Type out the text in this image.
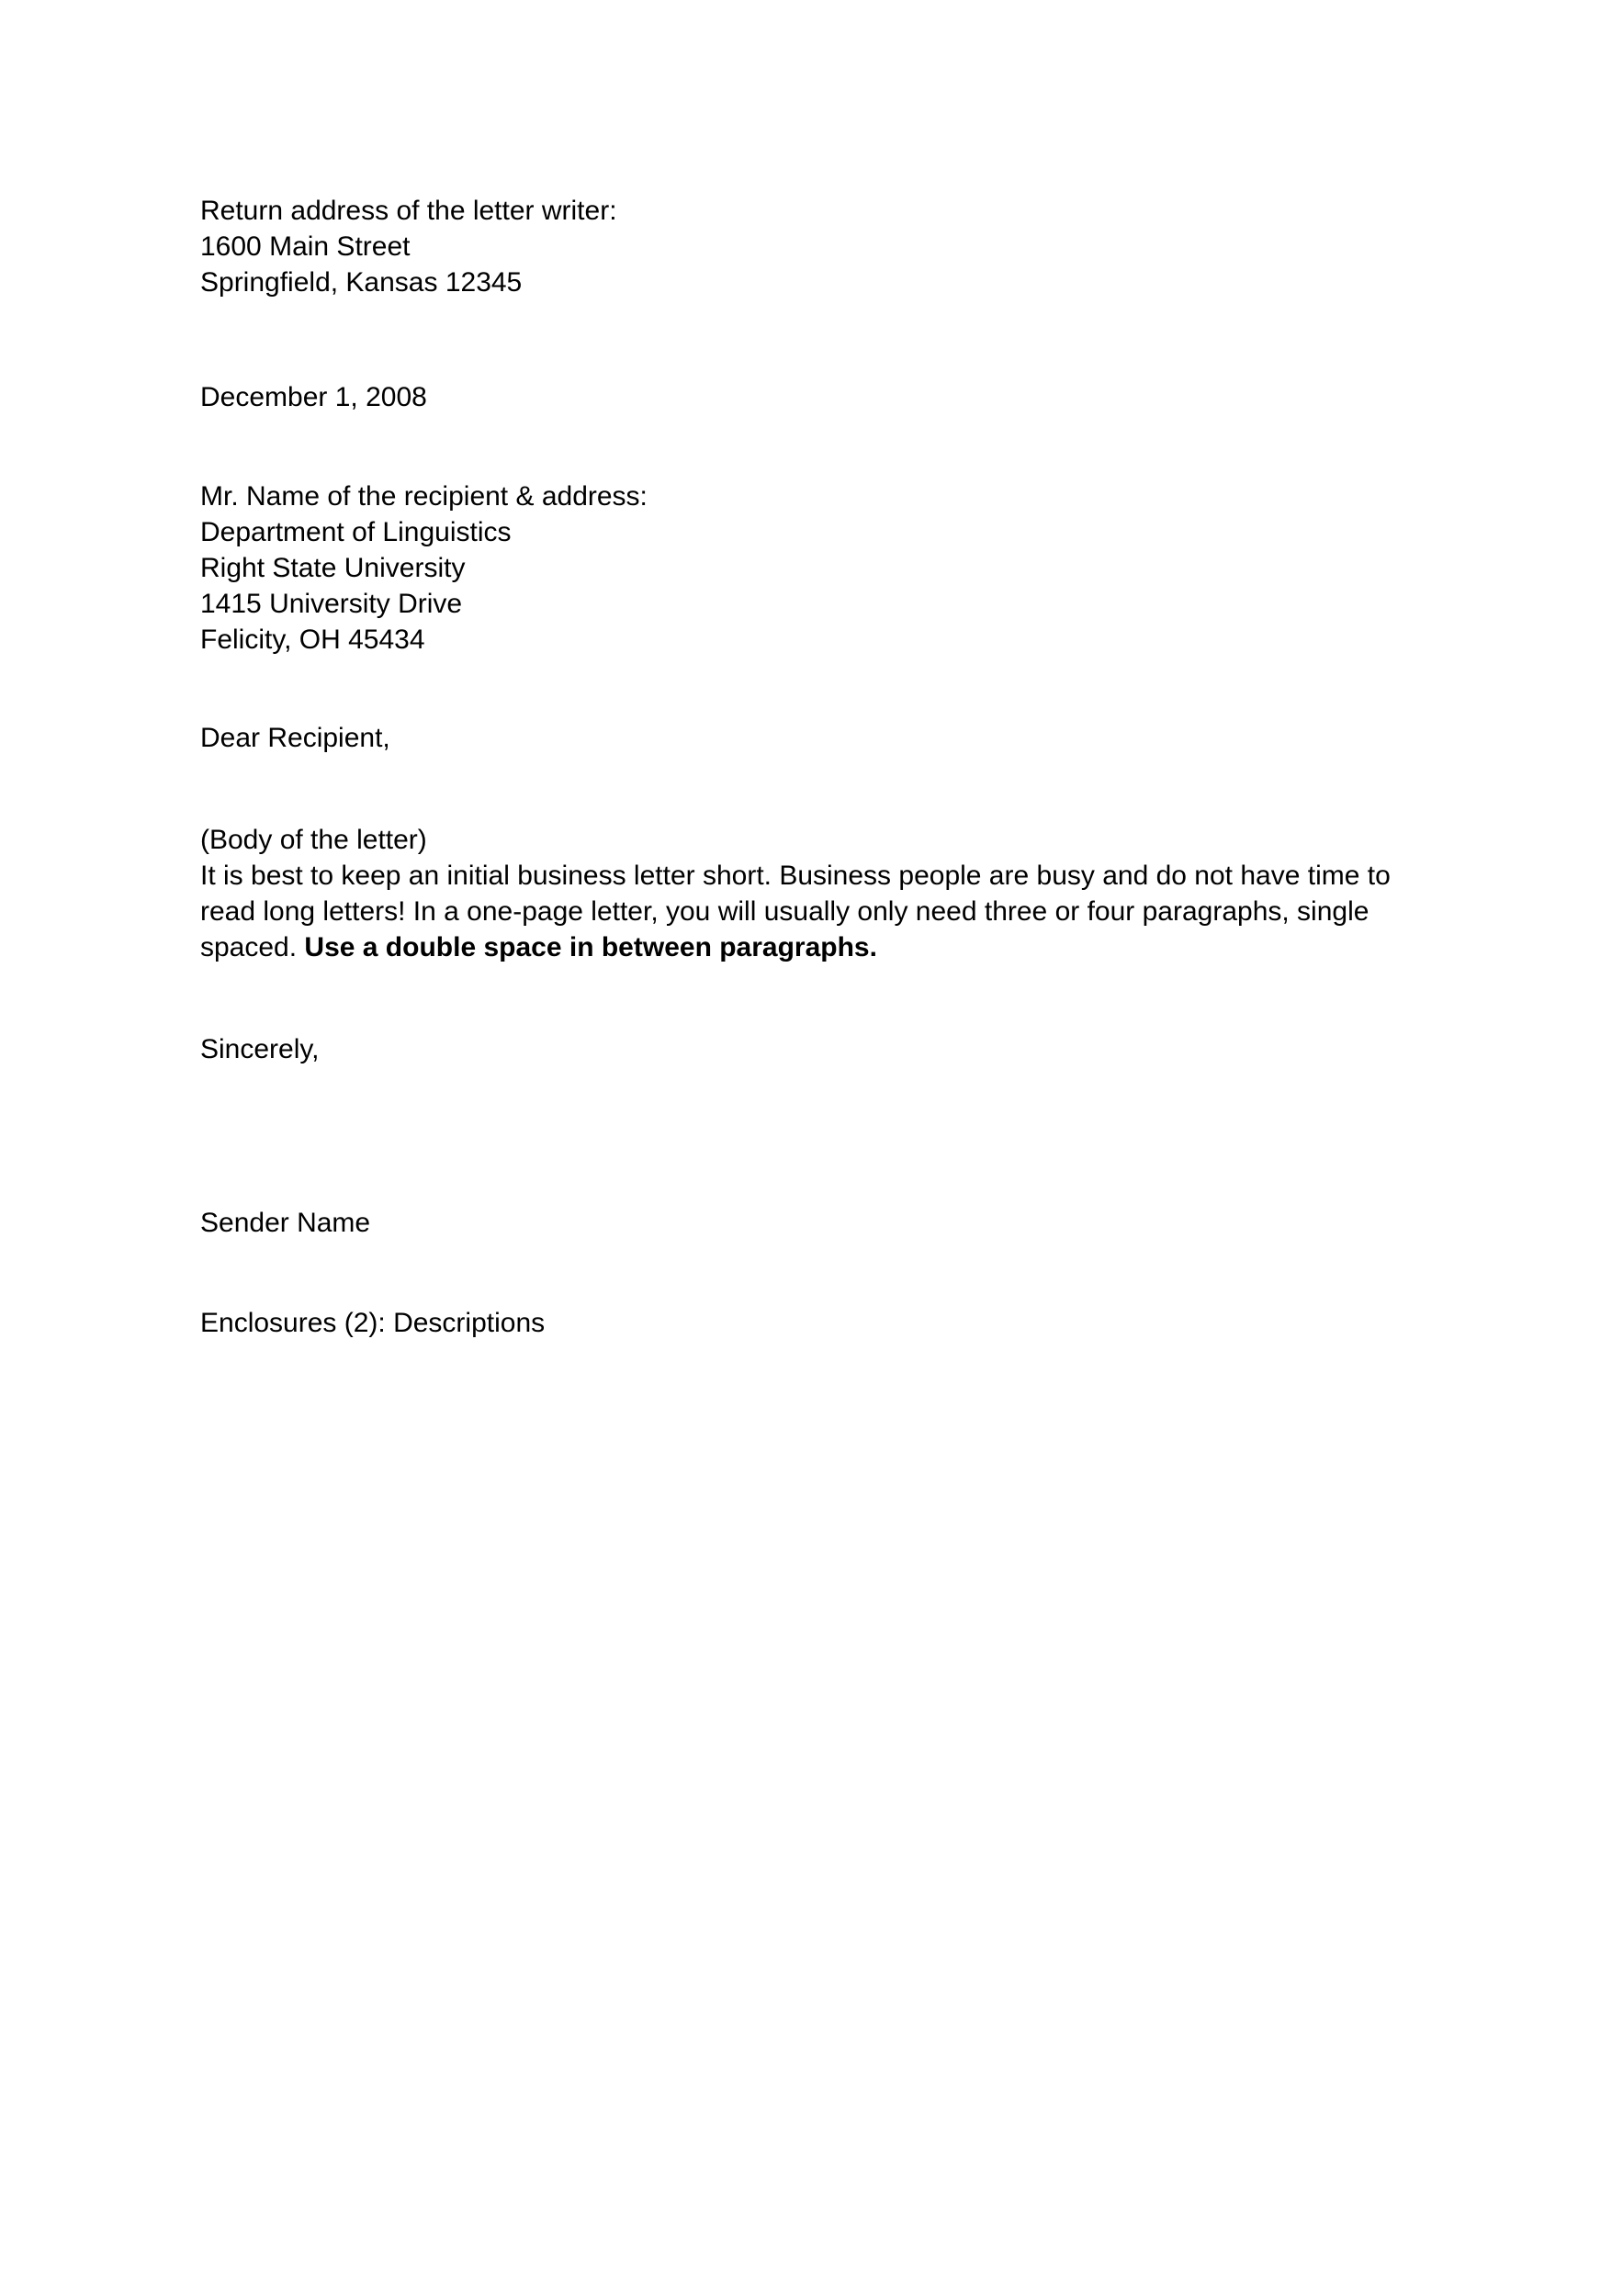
Return address of the letter writer:
1600 Main Street
Springfield, Kansas 12345
December 1, 2008
Mr. Name of the recipient & address:
Department of Linguistics
Right State University
1415 University Drive
Felicity, OH 45434
Dear Recipient,
(Body of the letter)
It is best to keep an initial business letter short. Business people are busy and do not have time to read long letters! In a one-page letter, you will usually only need three or four paragraphs, single spaced. Use a double space in between paragraphs.
Sincerely,
Sender Name
Enclosures (2): Descriptions
